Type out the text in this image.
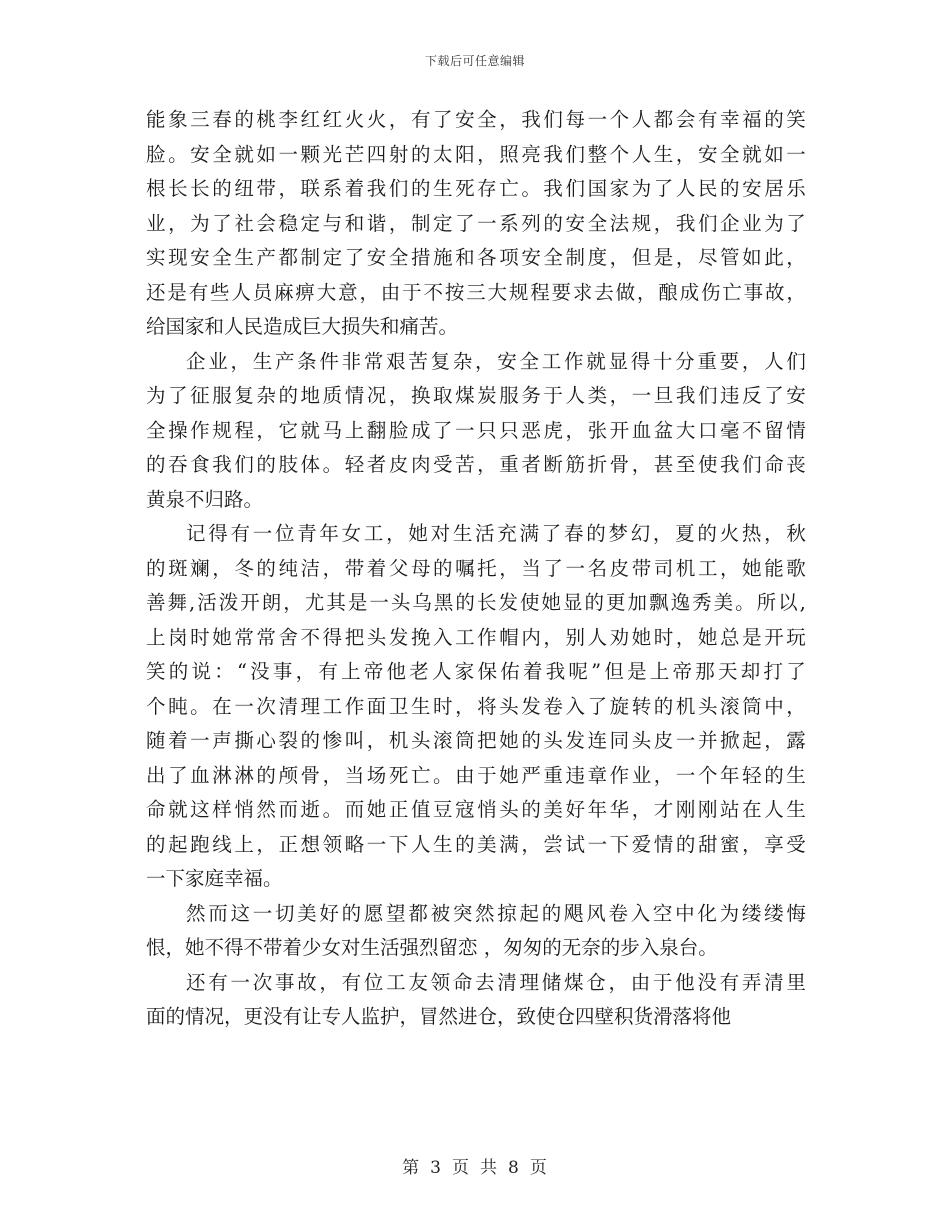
下载后可任意编辑
能 象 三 春 的 桃 李 红 红 火 火 ， 有 了 安 全 ， 我 们 每 一 个 人 都 会 有 幸 福 的 笑
脸 。 安 全 就 如 一 颗 光 芒 四 射 的 太 阳 ， 照 亮 我 们 整 个 人 生 ， 安 全 就 如 一
根 长 长 的 纽 带 ， 联 系 着 我 们 的 生 死 存 亡 。 我 们 国 家 为 了 人 民 的 安 居 乐
业 ， 为 了 社 会 稳 定 与 和 谐 ， 制 定 了 一 系 列 的 安 全 法 规 ， 我 们 企 业 为 了
实 现 安 全 生 产 都 制 定 了 安 全 措 施 和 各 项 安 全 制 度 ， 但 是 ， 尽 管 如 此 ，
还 是 有 些 人 员 麻 痹 大 意 ， 由 于 不 按 三 大 规 程 要 求 去 做 ， 酿 成 伤 亡 事 故 ，
给国家和人民造成巨大损失和痛苦。
企 业 ， 生 产 条 件 非 常 艰 苦 复 杂 ， 安 全 工 作 就 显 得 十 分 重 要 ， 人 们
为 了 征 服 复 杂 的 地 质 情 况 ， 换 取 煤 炭 服 务 于 人 类 ， 一 旦 我 们 违 反 了 安
全 操 作 规 程 ， 它 就 马 上 翻 脸 成 了 一 只 只 恶 虎 ， 张 开 血 盆 大 口 毫 不 留 情
的 吞 食 我 们 的 肢 体 。 轻 者 皮 肉 受 苦 ， 重 者 断 筋 折 骨 ， 甚 至 使 我 们 命 丧
黄泉不归路。
记 得 有 一 位 青 年 女 工 ， 她 对 生 活 充 满 了 春 的 梦 幻 ， 夏 的 火 热 ， 秋
的 斑 斓 ， 冬 的 纯 洁 ， 带 着 父 母 的 嘱 托 ， 当 了 一 名 皮 带 司 机 工 ， 她 能 歌
善 舞 , 活 泼 开 朗 ， 尤 其 是 一 头 乌 黑 的 长 发 使 她 显 的 更 加 飘 逸 秀 美 。 所 以 ,
上 岗 时 她 常 常 舍 不 得 把 头 发 挽 入 工 作 帽 内 ， 别 人 劝 她 时 ， 她 总 是 开 玩
笑 的 说 ： “ 没 事 ， 有 上 帝 他 老 人 家 保 佑 着 我 呢 ” 但 是 上 帝 那 天 却 打 了
个 盹 。 在 一 次 清 理 工 作 面 卫 生 时 ， 将 头 发 卷 入 了 旋 转 的 机 头 滚 筒 中 ，
随 着 一 声 撕 心 裂 的 惨 叫 ， 机 头 滚 筒 把 她 的 头 发 连 同 头 皮 一 并 掀 起 ， 露
出 了 血 淋 淋 的 颅 骨 ， 当 场 死 亡 。 由 于 她 严 重 违 章 作 业 ， 一 个 年 轻 的 生
命 就 这 样 悄 然 而 逝 。 而 她 正 值 豆 寇 悄 头 的 美 好 年 华 ， 才 刚 刚 站 在 人 生
的 起 跑 线 上 ， 正 想 领 略 一 下 人 生 的 美 满 ， 尝 试 一 下 爱 情 的 甜 蜜 ， 享 受
一下家庭幸福。
然 而 这 一 切 美 好 的 愿 望 都 被 突 然 掠 起 的 飓 风 卷 入 空 中 化 为 缕 缕 悔
恨，她不得不带着少女对生活强烈留恋 ，匆匆的无奈的步入泉台。
还 有 一 次 事 故 ， 有 位 工 友 领 命 去 清 理 储 煤 仓 ， 由 于 他 没 有 弄 清 里
面的情况，更没有让专人监护，冒然进仓，致使仓四壁积货滑落将他
第 3 页 共 8 页
